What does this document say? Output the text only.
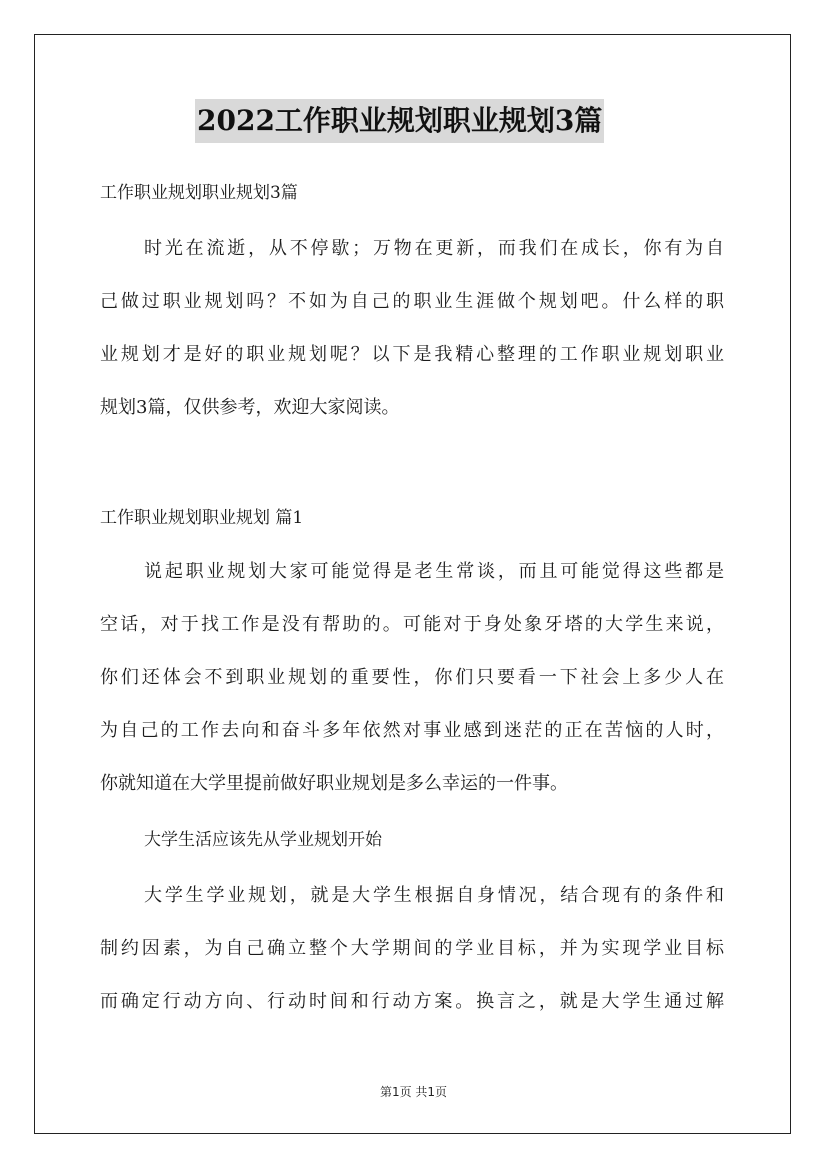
2022工作职业规划职业规划3篇

工作职业规划职业规划3篇

时光在流逝，从不停歇；万物在更新，而我们在成长，你有为自

己做过职业规划吗？不如为自己的职业生涯做个规划吧。什么样的职

业规划才是好的职业规划呢？以下是我精心整理的工作职业规划职业

规划3篇，仅供参考，欢迎大家阅读。

工作职业规划职业规划 篇1

说起职业规划大家可能觉得是老生常谈，而且可能觉得这些都是

空话，对于找工作是没有帮助的。可能对于身处象牙塔的大学生来说，

你们还体会不到职业规划的重要性，你们只要看一下社会上多少人在

为自己的工作去向和奋斗多年依然对事业感到迷茫的正在苦恼的人时，

你就知道在大学里提前做好职业规划是多么幸运的一件事。

大学生活应该先从学业规划开始

大学生学业规划，就是大学生根据自身情况，结合现有的条件和

制约因素，为自己确立整个大学期间的学业目标，并为实现学业目标

而确定行动方向、行动时间和行动方案。换言之，就是大学生通过解

第1页 共1页
